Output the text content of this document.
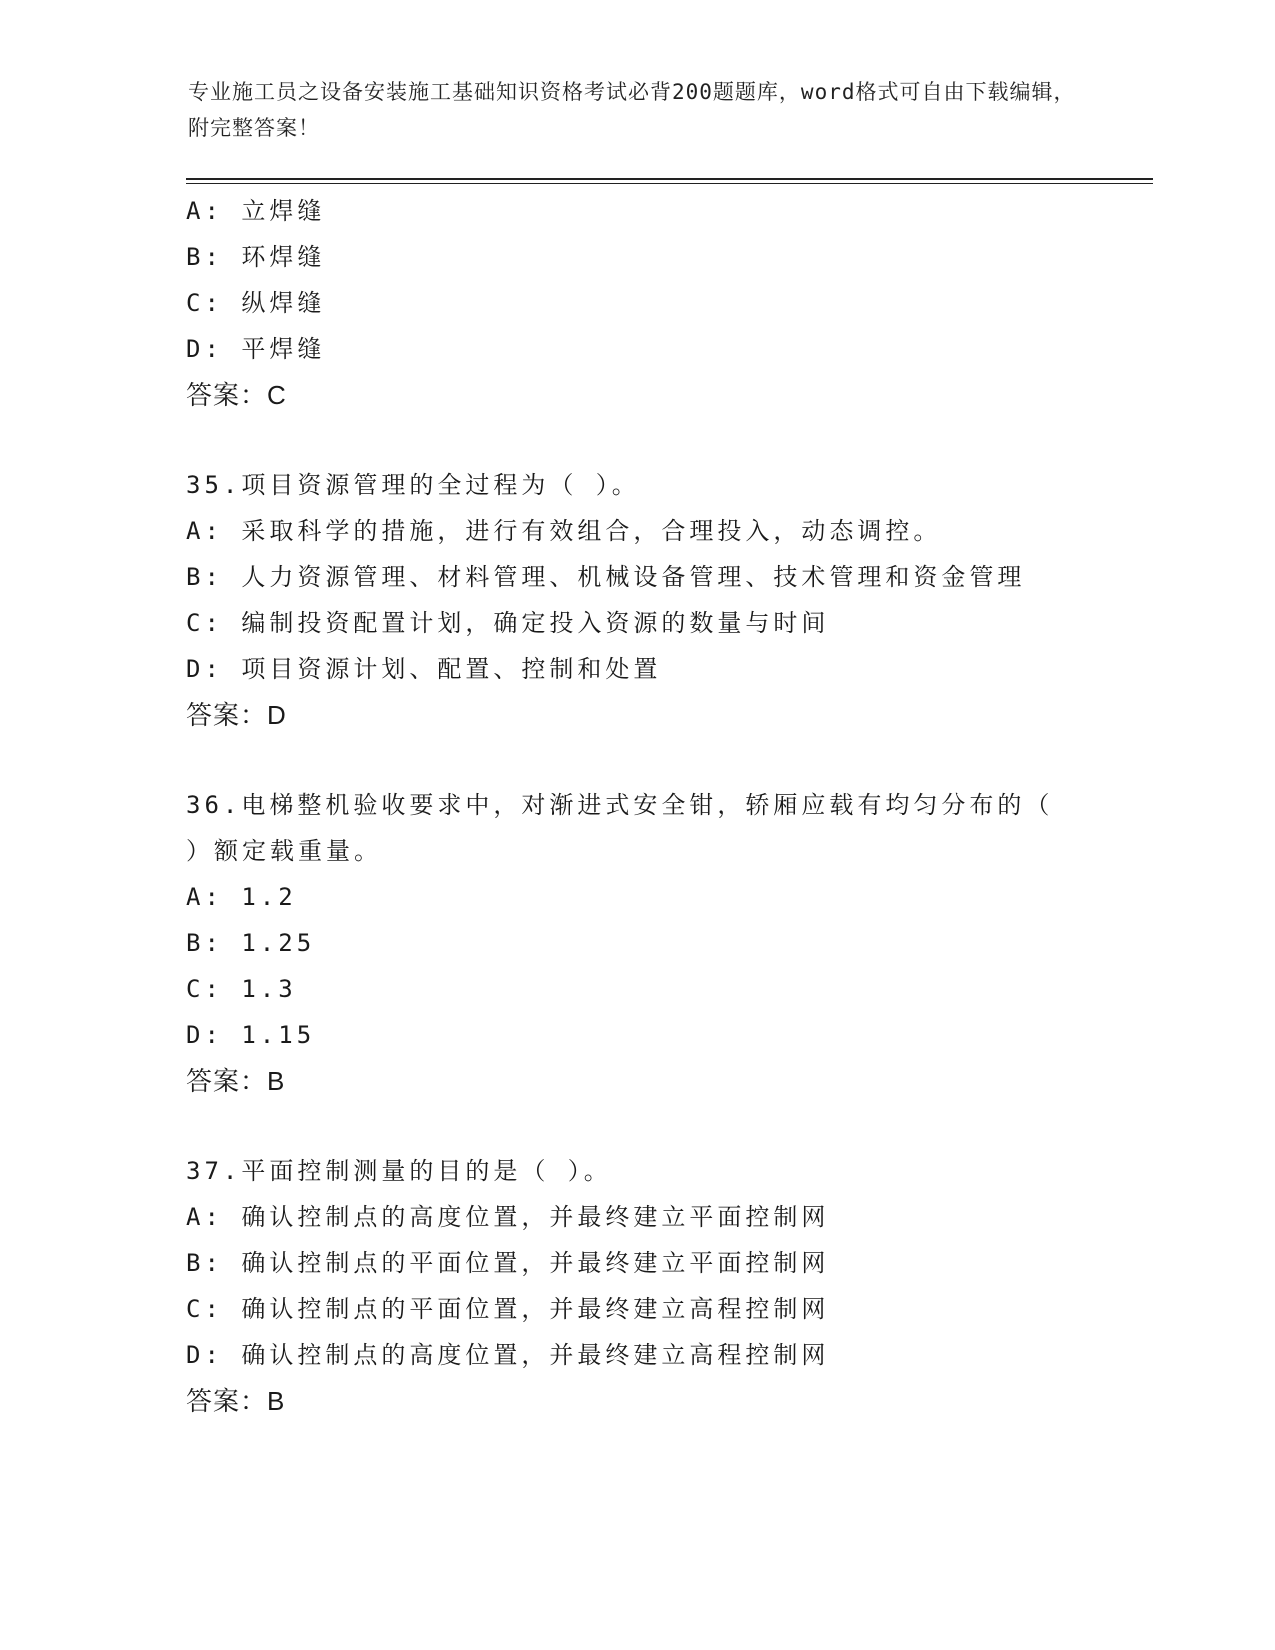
专业施工员之设备安装施工基础知识资格考试必背200题题库，word格式可自由下载编辑，附完整答案！
A: 立焊缝
B: 环焊缝
C: 纵焊缝
D: 平焊缝
答案：C
35.项目资源管理的全过程为（ ）。
A: 采取科学的措施，进行有效组合，合理投入，动态调控。
B: 人力资源管理、材料管理、机械设备管理、技术管理和资金管理
C: 编制投资配置计划，确定投入资源的数量与时间
D: 项目资源计划、配置、控制和处置
答案：D
36.电梯整机验收要求中，对渐进式安全钳，轿厢应载有均匀分布的（
）额定载重量。
A: 1.2
B: 1.25
C: 1.3
D: 1.15
答案：B
37.平面控制测量的目的是（ ）。
A: 确认控制点的高度位置，并最终建立平面控制网
B: 确认控制点的平面位置，并最终建立平面控制网
C: 确认控制点的平面位置，并最终建立高程控制网
D: 确认控制点的高度位置，并最终建立高程控制网
答案：B
